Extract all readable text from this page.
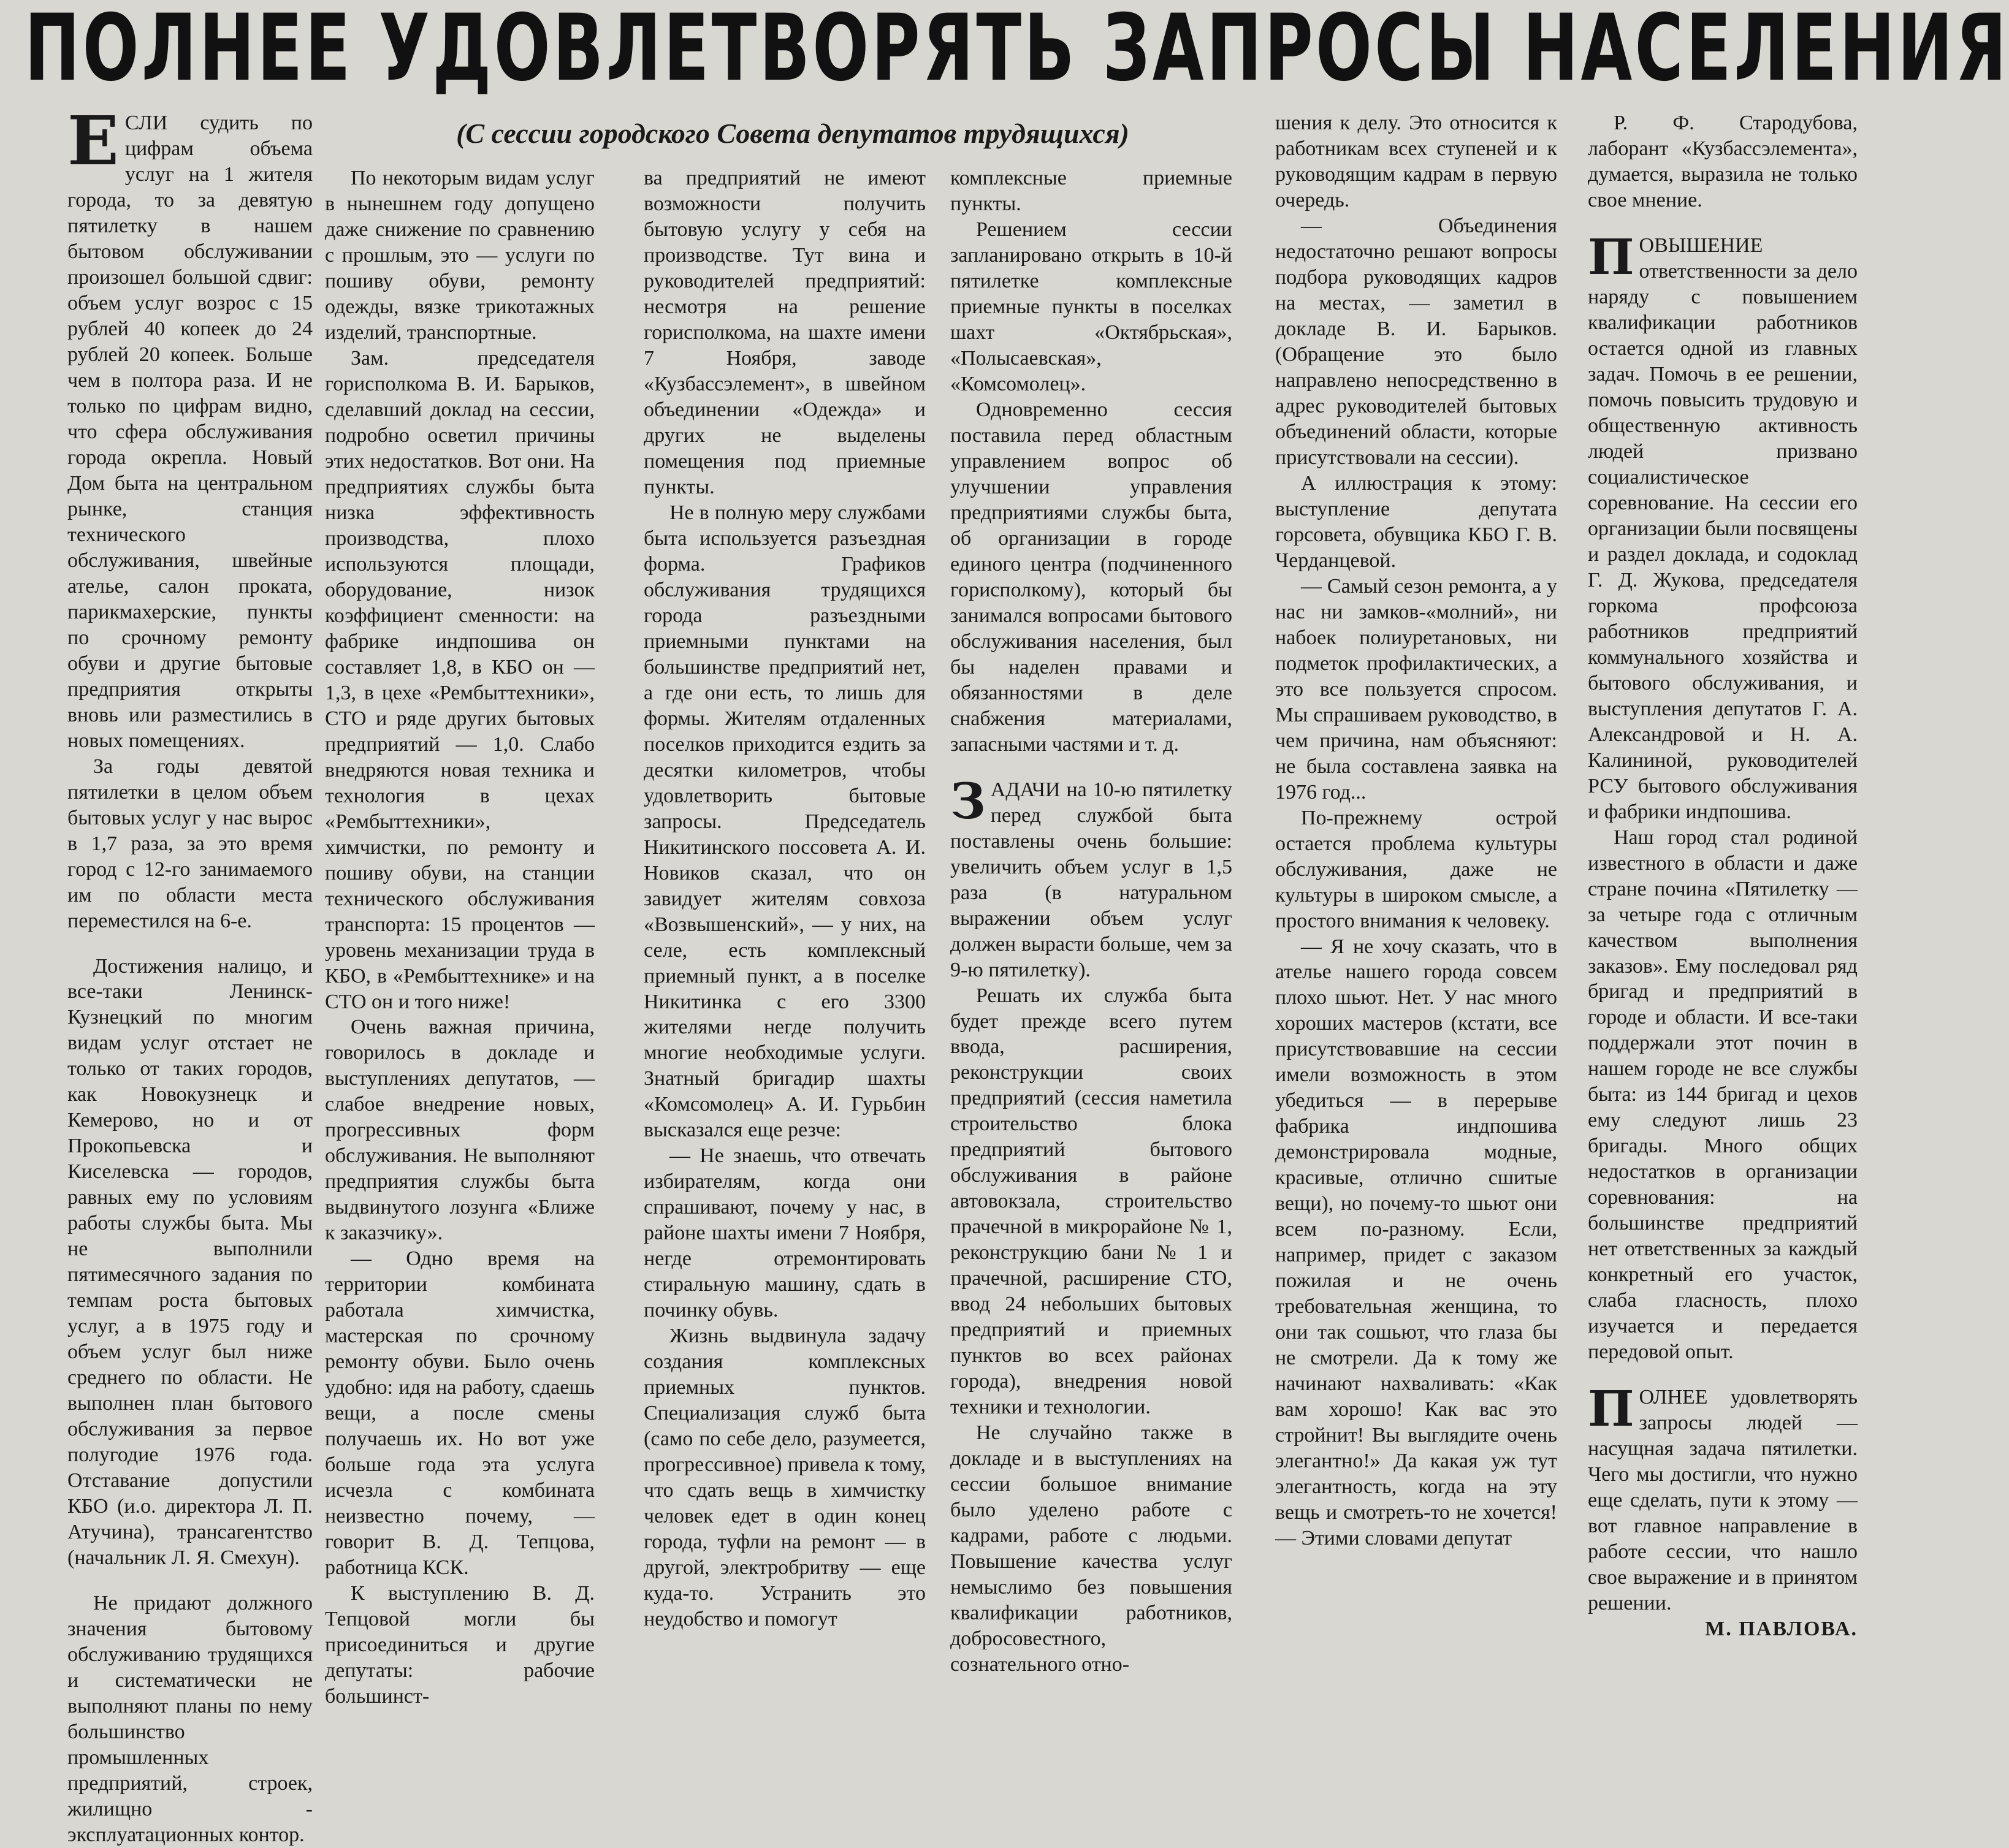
ПОЛНЕЕ УДОВЛЕТВОРЯТЬ ЗАПРОСЫ НАСЕЛЕНИЯ

ЕСЛИ судить по цифрам объема услуг на 1 жителя города, то за девятую пятилетку в нашем бытовом обслуживании произошел большой сдвиг: объем услуг возрос с 15 рублей 40 копеек до 24 рублей 20 копеек. Больше чем в полтора раза. И не только по цифрам видно, что сфера обслуживания города окрепла. Новый Дом быта на центральном рынке, станция технического обслуживания, швейные ателье, салон проката, парикмахерские, пункты по срочному ремонту обуви и другие бытовые предприятия открыты вновь или разместились в новых помещениях.

За годы девятой пятилетки в целом объем бытовых услуг у нас вырос в 1,7 раза, за это время город с 12-го занимаемого им по области места переместился на 6-е.

Достижения налицо, и все-таки Ленинск-Кузнецкий по многим видам услуг отстает не только от таких городов, как Новокузнецк и Кемерово, но и от Прокопьевска и Киселевска — городов, равных ему по условиям работы службы быта. Мы не выполнили пятимесячного задания по темпам роста бытовых услуг, а в 1975 году и объем услуг был ниже среднего по области. Не выполнен план бытового обслуживания за первое полугодие 1976 года. Отставание допустили КБО (и.о. директора Л. П. Атучина), трансагентство (начальник Л. Я. Смехун).

Не придают должного значения бытовому обслуживанию трудящихся и систематически не выполняют планы по нему большинство промышленных предприятий, строек, жилищно - эксплуатационных контор.

(С сессии городского Совета депутатов трудящихся)

По некоторым видам услуг в нынешнем году допущено даже снижение по сравнению с прошлым, это — услуги по пошиву обуви, ремонту одежды, вязке трикотажных изделий, транспортные.

Зам. председателя горисполкома В. И. Барыков, сделавший доклад на сессии, подробно осветил причины этих недостатков. Вот они. На предприятиях службы быта низка эффективность производства, плохо используются площади, оборудование, низок коэффициент сменности: на фабрике индпошива он составляет 1,8, в КБО он — 1,3, в цехе «Рембыттехники», СТО и ряде других бытовых предприятий — 1,0. Слабо внедряются новая техника и технология в цехах «Рембыттехники», химчистки, по ремонту и пошиву обуви, на станции технического обслуживания транспорта: 15 процентов — уровень механизации труда в КБО, в «Рембыттехнике» и на СТО он и того ниже!

Очень важная причина, говорилось в докладе и выступлениях депутатов, — слабое внедрение новых, прогрессивных форм обслуживания. Не выполняют предприятия службы быта выдвинутого лозунга «Ближе к заказчику».

— Одно время на территории комбината работала химчистка, мастерская по срочному ремонту обуви. Было очень удобно: идя на работу, сдаешь вещи, а после смены получаешь их. Но вот уже больше года эта услуга исчезла с комбината неизвестно почему, — говорит В. Д. Тепцова, работница КСК.

К выступлению В. Д. Тепцовой могли бы присоединиться и другие депутаты: рабочие большинст-

ва предприятий не имеют возможности получить бытовую услугу у себя на производстве. Тут вина и руководителей предприятий: несмотря на решение горисполкома, на шахте имени 7 Ноября, заводе «Кузбассэлемент», в швейном объединении «Одежда» и других не выделены помещения под приемные пункты.

Не в полную меру службами быта используется разъездная форма. Графиков обслуживания трудящихся города разъездными приемными пунктами на большинстве предприятий нет, а где они есть, то лишь для формы. Жителям отдаленных поселков приходится ездить за десятки километров, чтобы удовлетворить бытовые запросы. Председатель Никитинского поссовета А. И. Новиков сказал, что он завидует жителям совхоза «Возвышенский», — у них, на селе, есть комплексный приемный пункт, а в поселке Никитинка с его 3300 жителями негде получить многие необходимые услуги. Знатный бригадир шахты «Комсомолец» А. И. Гурьбин высказался еще резче:

— Не знаешь, что отвечать избирателям, когда они спрашивают, почему у нас, в районе шахты имени 7 Ноября, негде отремонтировать стиральную машину, сдать в починку обувь.

Жизнь выдвинула задачу создания комплексных приемных пунктов. Специализация служб быта (само по себе дело, разумеется, прогрессивное) привела к тому, что сдать вещь в химчистку человек едет в один конец города, туфли на ремонт — в другой, электробритву — еще куда-то. Устранить это неудобство и помогут

комплексные приемные пункты.

Решением сессии запланировано открыть в 10-й пятилетке комплексные приемные пункты в поселках шахт «Октябрьская», «Полысаевская», «Комсомолец».

Одновременно сессия поставила перед областным управлением вопрос об улучшении управления предприятиями службы быта, об организации в городе единого центра (подчиненного горисполкому), который бы занимался вопросами бытового обслуживания населения, был бы наделен правами и обязанностями в деле снабжения материалами, запасными частями и т. д.

ЗАДАЧИ на 10-ю пятилетку перед службой быта поставлены очень большие: увеличить объем услуг в 1,5 раза (в натуральном выражении объем услуг должен вырасти больше, чем за 9-ю пятилетку).

Решать их служба быта будет прежде всего путем ввода, расширения, реконструкции своих предприятий (сессия наметила строительство блока предприятий бытового обслуживания в районе автовокзала, строительство прачечной в микрорайоне № 1, реконструкцию бани № 1 и прачечной, расширение СТО, ввод 24 небольших бытовых предприятий и приемных пунктов во всех районах города), внедрения новой техники и технологии.

Не случайно также в докладе и в выступлениях на сессии большое внимание было уделено работе с кадрами, работе с людьми. Повышение качества услуг немыслимо без повышения квалификации работников, добросовестного, сознательного отно-

шения к делу. Это относится к работникам всех ступеней и к руководящим кадрам в первую очередь.

— Объединения недостаточно решают вопросы подбора руководящих кадров на местах, — заметил в докладе В. И. Барыков. (Обращение это было направлено непосредственно в адрес руководителей бытовых объединений области, которые присутствовали на сессии).

А иллюстрация к этому: выступление депутата горсовета, обувщика КБО Г. В. Черданцевой.

— Самый сезон ремонта, а у нас ни замков-«молний», ни набоек полиуретановых, ни подметок профилактических, а это все пользуется спросом. Мы спрашиваем руководство, в чем причина, нам объясняют: не была составлена заявка на 1976 год...

По-прежнему острой остается проблема культуры обслуживания, даже не культуры в широком смысле, а простого внимания к человеку.

— Я не хочу сказать, что в ателье нашего города совсем плохо шьют. Нет. У нас много хороших мастеров (кстати, все присутствовавшие на сессии имели возможность в этом убедиться — в перерыве фабрика индпошива демонстрировала модные, красивые, отлично сшитые вещи), но почему-то шьют они всем по-разному. Если, например, придет с заказом пожилая и не очень требовательная женщина, то они так сошьют, что глаза бы не смотрели. Да к тому же начинают нахваливать: «Как вам хорошо! Как вас это стройнит! Вы выглядите очень элегантно!» Да какая уж тут элегантность, когда на эту вещь и смотреть-то не хочется! — Этими словами депутат

Р. Ф. Стародубова, лаборант «Кузбассэлемента», думается, выразила не только свое мнение.

ПОВЫШЕНИЕ ответственности за дело наряду с повышением квалификации работников остается одной из главных задач. Помочь в ее решении, помочь повысить трудовую и общественную активность людей призвано социалистическое соревнование. На сессии его организации были посвящены и раздел доклада, и содоклад Г. Д. Жукова, председателя горкома профсоюза работников предприятий коммунального хозяйства и бытового обслуживания, и выступления депутатов Г. А. Александровой и Н. А. Калининой, руководителей РСУ бытового обслуживания и фабрики индпошива.

Наш город стал родиной известного в области и даже стране почина «Пятилетку — за четыре года с отличным качеством выполнения заказов». Ему последовал ряд бригад и предприятий в городе и области. И все-таки поддержали этот почин в нашем городе не все службы быта: из 144 бригад и цехов ему следуют лишь 23 бригады. Много общих недостатков в организации соревнования: на большинстве предприятий нет ответственных за каждый конкретный его участок, слаба гласность, плохо изучается и передается передовой опыт.

ПОЛНЕЕ удовлетворять запросы людей — насущная задача пятилетки. Чего мы достигли, что нужно еще сделать, пути к этому — вот главное направление в работе сессии, что нашло свое выражение и в принятом решении.

М. ПАВЛОВА.
